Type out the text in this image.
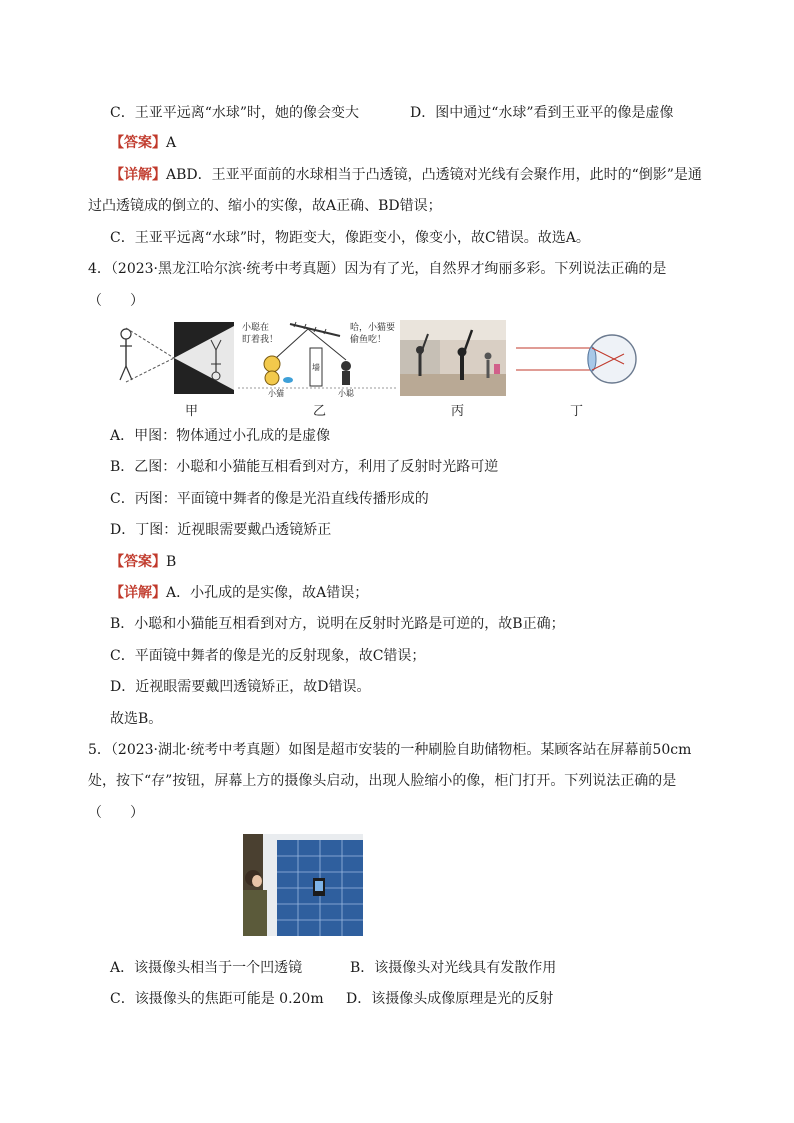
C．王亚平远离“水球”时，她的像会变大	D．图中通过“水球”看到王亚平的像是虚像
【答案】A
【详解】ABD．王亚平面前的水球相当于凸透镜，凸透镜对光线有会聚作用，此时的“倒影”是通
过凸透镜成的倒立的、缩小的实像，故A正确、BD错误；
C．王亚平远离“水球”时，物距变大，像距变小，像变小，故C错误。故选A。
4．（2023·黑龙江哈尔滨·统考中考真题）因为有了光，自然界才绚丽多彩。下列说法正确的是
（　　）
小聪在
盯着我！
哈，小猫要
偷鱼吃！
墙
小猫	小聪
甲	乙	丙	丁
A．甲图：物体通过小孔成的是虚像
B．乙图：小聪和小猫能互相看到对方，利用了反射时光路可逆
C．丙图：平面镜中舞者的像是光沿直线传播形成的
D．丁图：近视眼需要戴凸透镜矫正
【答案】B
【详解】A．小孔成的是实像，故A错误；
B．小聪和小猫能互相看到对方，说明在反射时光路是可逆的，故B正确；
C．平面镜中舞者的像是光的反射现象，故C错误；
D．近视眼需要戴凹透镜矫正，故D错误。
故选B。
5．（2023·湖北·统考中考真题）如图是超市安装的一种刷脸自助储物柜。某顾客站在屏幕前50cm
处，按下“存”按钮，屏幕上方的摄像头启动，出现人脸缩小的像，柜门打开。下列说法正确的是
（　　）
A．该摄像头相当于一个凹透镜	B．该摄像头对光线具有发散作用
C．该摄像头的焦距可能是 0.20m D．该摄像头成像原理是光的反射
